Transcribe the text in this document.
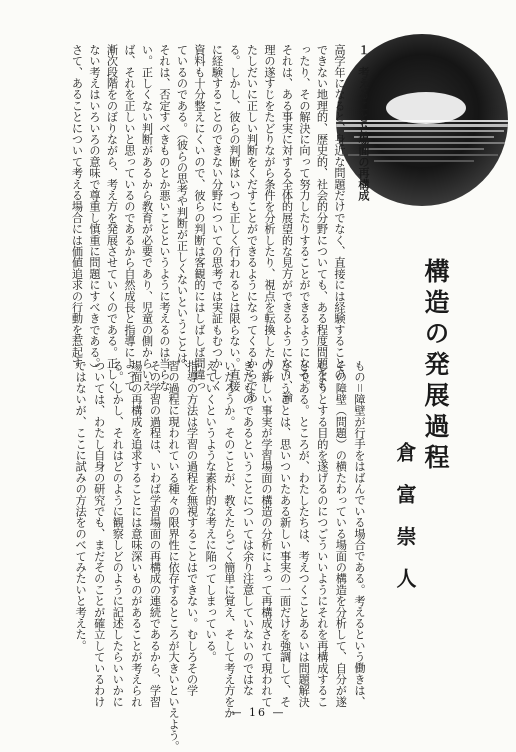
１　考えることと場面の再構成
高学年になると、身近な問題だけでなく、直接には経験することの
できない地理的、歴史的、社会的分野についても、ある程度問題をも
ったり、その解決に向って努力したりすることができるようになる。
それは、ある事実に対する全体的展望的な見方ができるようになり、論
理の遂すじをたどりながら条件を分析したり、視点を転換したりし
たしだいに正しい判断をくだすことができるようになってくるからであ
る。しかし、彼らの判断はいつも正しく行われるとは限らない。直接
に経験することのできない分野についての思考では実証もむつかしく
資料も十分整えにくいので、彼らの判断は客観的にはしばしば間違っ
ているのである。（彼らの思考や判断が正しくないということは、
それは、否定すべきものとか悪いことというように考えるのは当らな
い。正しくない判断があるから教育が必要であり、児童の側からいえ
ば、それを正しいと思っているのであるから自然成長と指導によって
漸次段階をのぼりながら、考え方を発展させていくのである。正しく
ない考えはいろいろの意味で尊重し慎重に問題にすべきである。）
さて、あることについて考える場合には価値追求の行動を惹起す	構造の発展過程
倉富崇人
もの＝障壁が行手をはばんでいる場合である。考えるという働きは、
その障壁（問題）の横たわっている場面の構造を分析して、自分が遂
しようとする目的を遂げるのにつごういいようにそれを再構成するこ
とである。ところが、わたしたちは、考えつくことあるいは問題解決
ということは、思いついたある新しい事実の一面だけを強調して、そ
の新しい事実が学習場面の構造の分析によって再構成されて現われて
きたものであるということについては余り注意していないのではな
いだろうか。そのことが、教えたらごく簡単に覚え、そして考え方をか
えていくというような素朴的な考えに陥ってしまっている。
指導の方法は学習の過程を無視することはできない。むしろその学
習の過程に現われている種々の限界性に依存するところが大きいといえよう。
その学習の過程は、いわば学習場面の再構成の連続であるから、学習
場面の再構成を追求することには意味深いものがあることが考えられ
る。しかし、それはどのように観察しどのように記述したらいいかに
ついては、わたし自身の研究でも、まだそのことが確立しているわけ
ではないが、ここに試みの方法をのべてみたいと考えた。
— 16 —
